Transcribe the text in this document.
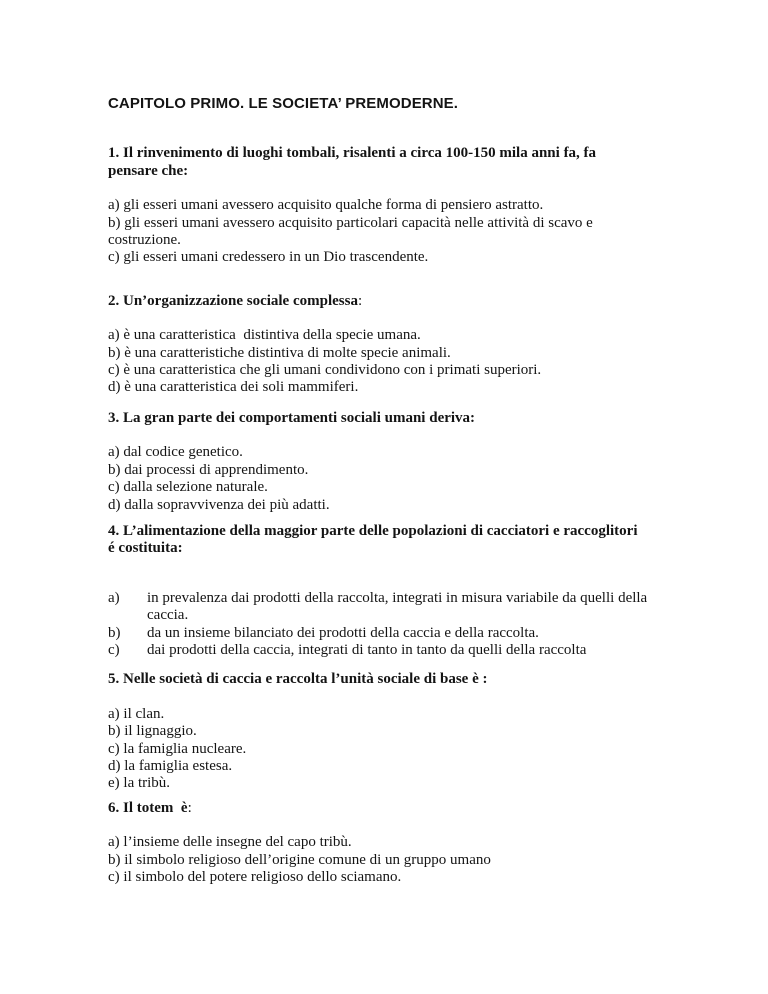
CAPITOLO PRIMO. LE SOCIETA’ PREMODERNE.
1. Il rinvenimento di luoghi tombali, risalenti a circa 100-150 mila anni fa, fa
pensare che:
a) gli esseri umani avessero acquisito qualche forma di pensiero astratto.
b) gli esseri umani avessero acquisito particolari capacità nelle attività di scavo e
costruzione.
c) gli esseri umani credessero in un Dio trascendente.
2. Un’organizzazione sociale complessa:
a) è una caratteristica  distintiva della specie umana.
b) è una caratteristiche distintiva di molte specie animali.
c) è una caratteristica che gli umani condividono con i primati superiori.
d) è una caratteristica dei soli mammiferi.
3. La gran parte dei comportamenti sociali umani deriva:
a) dal codice genetico.
b) dai processi di apprendimento.
c) dalla selezione naturale.
d) dalla sopravvivenza dei più adatti.
4. L’alimentazione della maggior parte delle popolazioni di cacciatori e raccoglitori
é costituita:
a)	in prevalenza dai prodotti della raccolta, integrati in misura variabile da quelli della
caccia.
b)	da un insieme bilanciato dei prodotti della caccia e della raccolta.
c)	dai prodotti della caccia, integrati di tanto in tanto da quelli della raccolta
5. Nelle società di caccia e raccolta l’unità sociale di base è :
a) il clan.
b) il lignaggio.
c) la famiglia nucleare.
d) la famiglia estesa.
e) la tribù.
6. Il totem  è:
a) l’insieme delle insegne del capo tribù.
b) il simbolo religioso dell’origine comune di un gruppo umano
c) il simbolo del potere religioso dello sciamano.
